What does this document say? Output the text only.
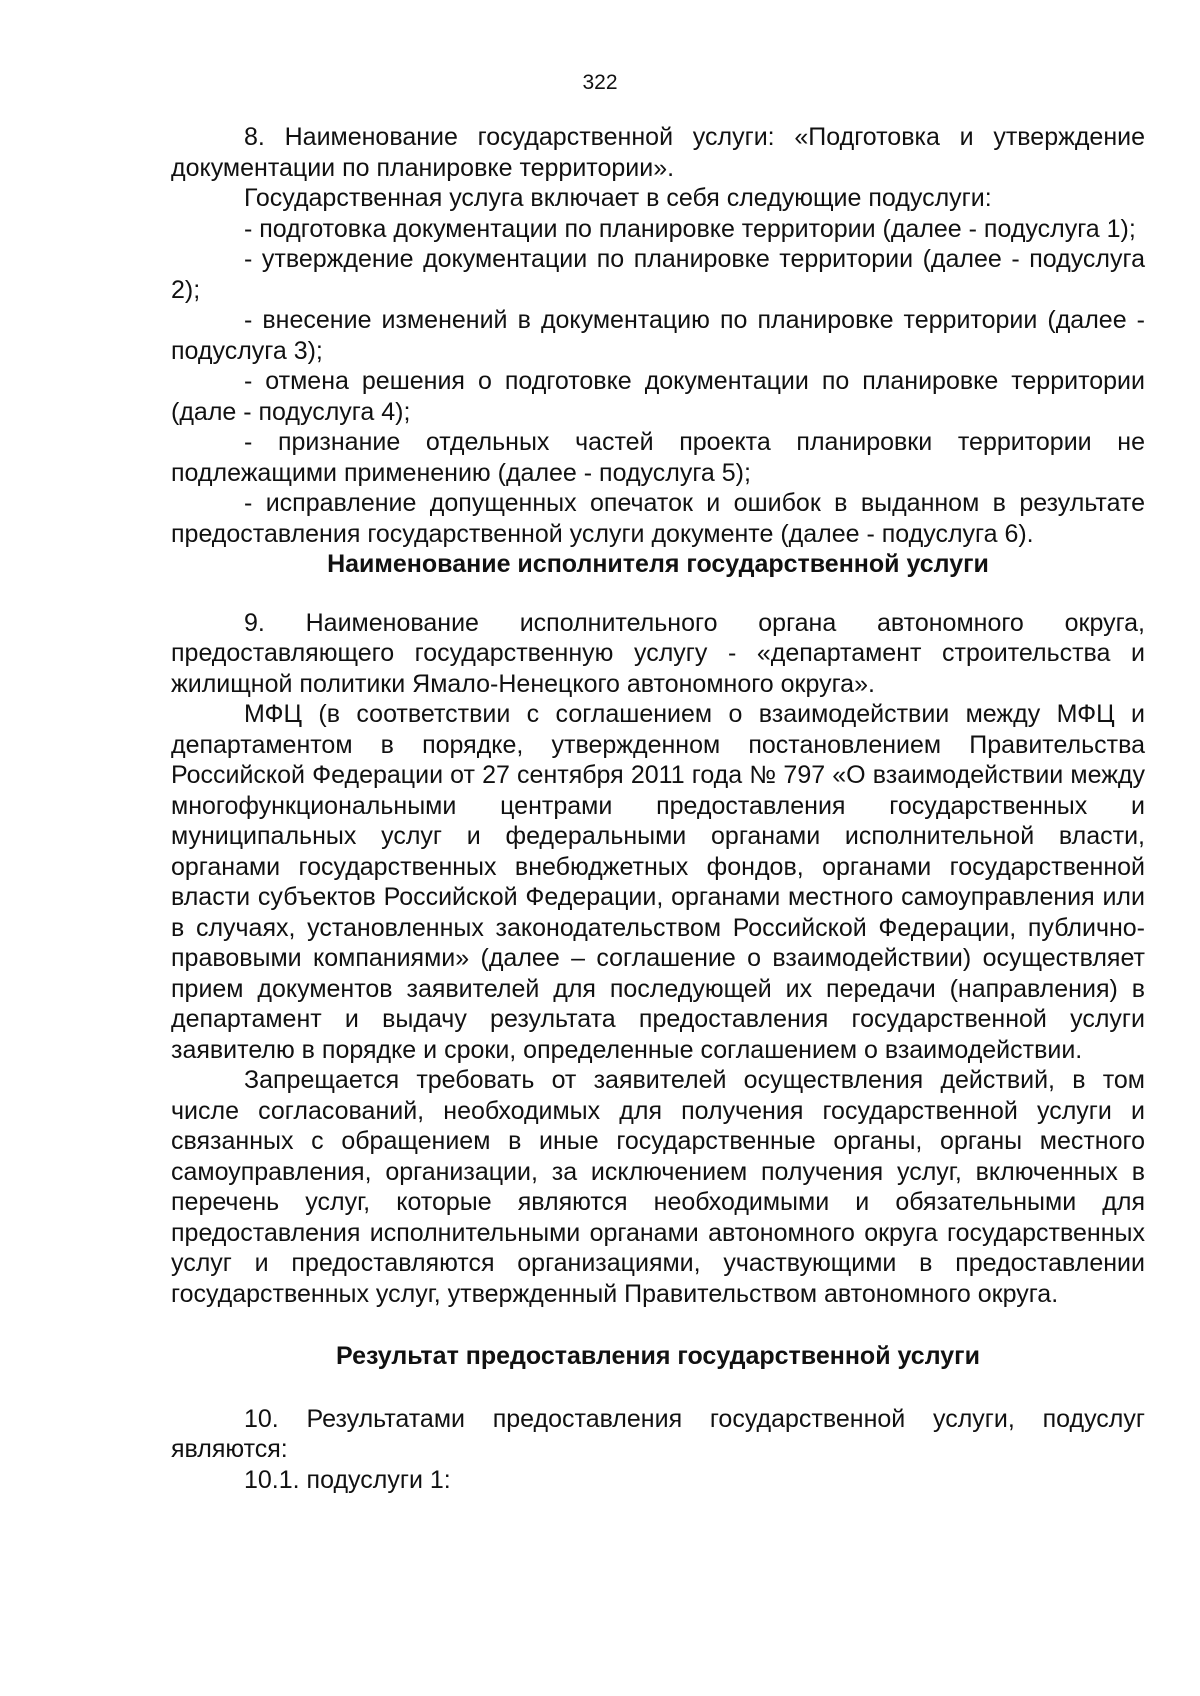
322

8. Наименование государственной услуги: «Подготовка и утверждение документации по планировке территории».

Государственная услуга включает в себя следующие подуслуги:

- подготовка документации по планировке территории (далее - подуслуга 1);

- утверждение документации по планировке территории (далее - подуслуга 2);

- внесение изменений в документацию по планировке территории (далее - подуслуга 3);

- отмена решения о подготовке документации по планировке территории (дале - подуслуга 4);

- признание отдельных частей проекта планировки территории не подлежащими применению (далее - подуслуга 5);

- исправление допущенных опечаток и ошибок в выданном в результате предоставления государственной услуги документе (далее - подуслуга 6).

Наименование исполнителя государственной услуги

9. Наименование исполнительного органа автономного округа, предоставляющего государственную услугу - «департамент строительства и жилищной политики Ямало-Ненецкого автономного округа».

МФЦ (в соответствии с соглашением о взаимодействии между МФЦ и департаментом в порядке, утвержденном постановлением Правительства Российской Федерации от 27 сентября 2011 года № 797 «О взаимодействии между многофункциональными центрами предоставления государственных и муниципальных услуг и федеральными органами исполнительной власти, органами государственных внебюджетных фондов, органами государственной власти субъектов Российской Федерации, органами местного самоуправления или в случаях, установленных законодательством Российской Федерации, публично-правовыми компаниями» (далее – соглашение о взаимодействии) осуществляет прием документов заявителей для последующей их передачи (направления) в департамент и выдачу результата предоставления государственной услуги заявителю в порядке и сроки, определенные соглашением о взаимодействии.

Запрещается требовать от заявителей осуществления действий, в том числе согласований, необходимых для получения государственной услуги и связанных с обращением в иные государственные органы, органы местного самоуправления, организации, за исключением получения услуг, включенных в перечень услуг, которые являются необходимыми и обязательными для предоставления исполнительными органами автономного округа государственных услуг и предоставляются организациями, участвующими в предоставлении государственных услуг, утвержденный Правительством автономного округа.

Результат предоставления государственной услуги

10. Результатами предоставления государственной услуги, подуслуг являются:

10.1. подуслуги 1:
